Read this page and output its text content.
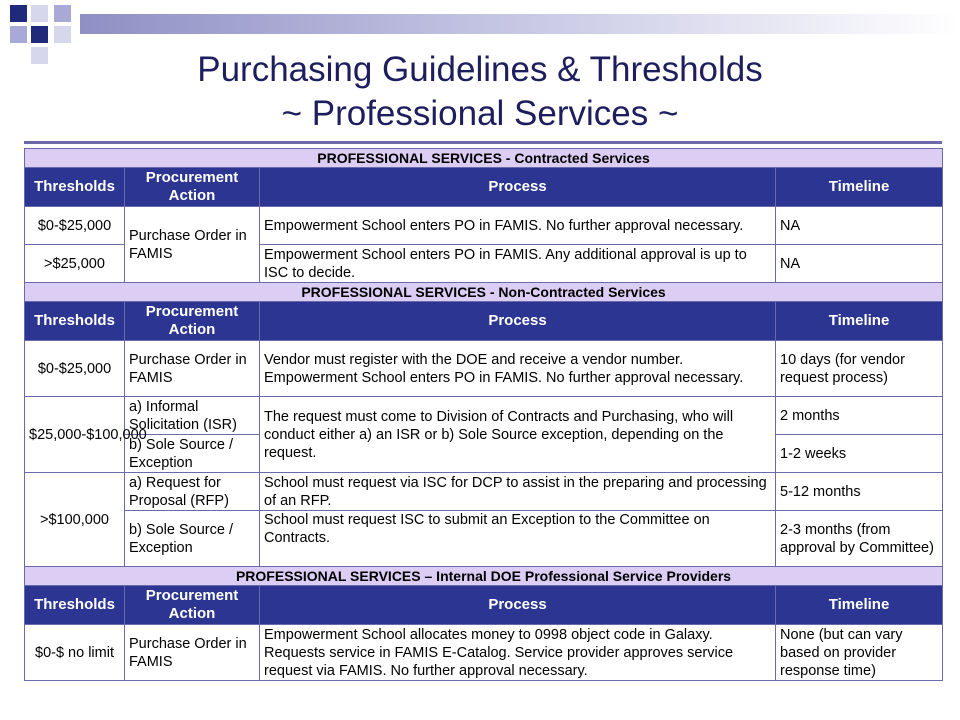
Purchasing Guidelines & Thresholds
~ Professional Services ~
PROFESSIONAL SERVICES - Contracted Services			
Thresholds	Procurement Action	Process	Timeline
$0-$25,000	Purchase Order in FAMIS	Empowerment School enters PO in FAMIS. No further approval necessary.	NA
>$25,000		Empowerment School enters PO in FAMIS. Any additional approval is up to ISC to decide.	NA
PROFESSIONAL SERVICES - Non-Contracted Services			
Thresholds	Procurement Action	Process	Timeline
$0-$25,000	Purchase Order in FAMIS	Vendor must register with the DOE and receive a vendor number. Empowerment School enters PO in FAMIS. No further approval necessary.	10 days (for vendor request process)
$25,000-$100,000	a) Informal Solicitation (ISR)	The request must come to Division of Contracts and Purchasing, who will conduct either a) an ISR or b) Sole Source exception, depending on the request.	2 months
	b) Sole Source / Exception		1-2 weeks
>$100,000	a) Request for Proposal (RFP)	School must request via ISC for DCP to assist in the preparing and processing of an RFP.	5-12 months
	b) Sole Source / Exception	School must request ISC to submit an Exception to the Committee on Contracts.	2-3 months (from approval by Committee)
PROFESSIONAL SERVICES – Internal DOE Professional Service Providers			
Thresholds	Procurement Action	Process	Timeline
$0-$ no limit	Purchase Order in FAMIS	Empowerment School allocates money to 0998 object code in Galaxy. Requests service in FAMIS E-Catalog. Service provider approves service request via FAMIS. No further approval necessary.	None (but can vary based on provider response time)
